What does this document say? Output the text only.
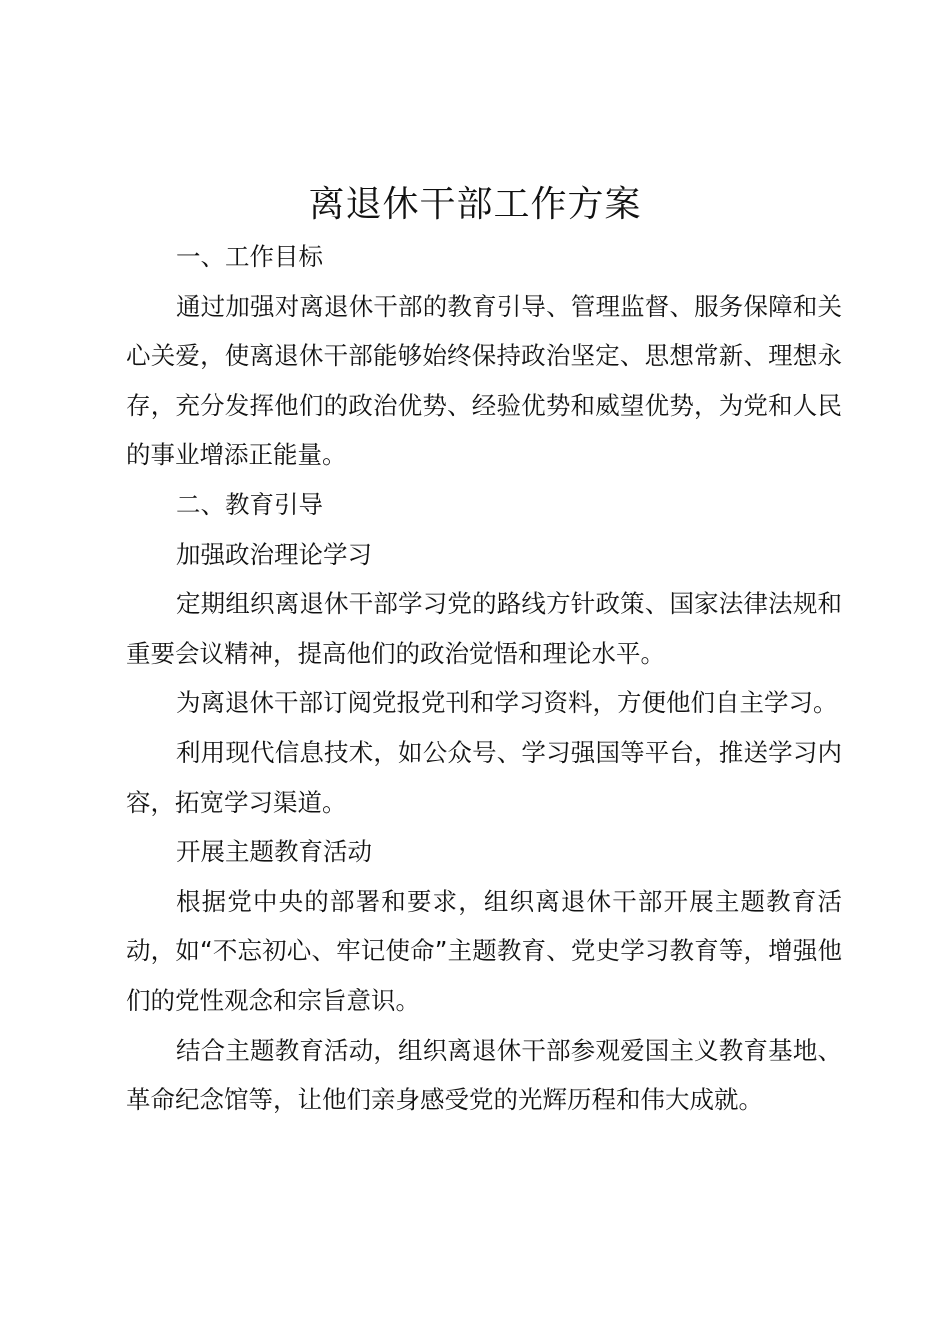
离退休干部工作方案

一、工作目标

通过加强对离退休干部的教育引导、管理监督、服务保障和关心关爱，使离退休干部能够始终保持政治坚定、思想常新、理想永存，充分发挥他们的政治优势、经验优势和威望优势，为党和人民的事业增添正能量。

二、教育引导

加强政治理论学习

定期组织离退休干部学习党的路线方针政策、国家法律法规和重要会议精神，提高他们的政治觉悟和理论水平。

为离退休干部订阅党报党刊和学习资料，方便他们自主学习。

利用现代信息技术，如公众号、学习强国等平台，推送学习内容，拓宽学习渠道。

开展主题教育活动

根据党中央的部署和要求，组织离退休干部开展主题教育活动，如“不忘初心、牢记使命”主题教育、党史学习教育等，增强他们的党性观念和宗旨意识。

结合主题教育活动，组织离退休干部参观爱国主义教育基地、革命纪念馆等，让他们亲身感受党的光辉历程和伟大成就。
